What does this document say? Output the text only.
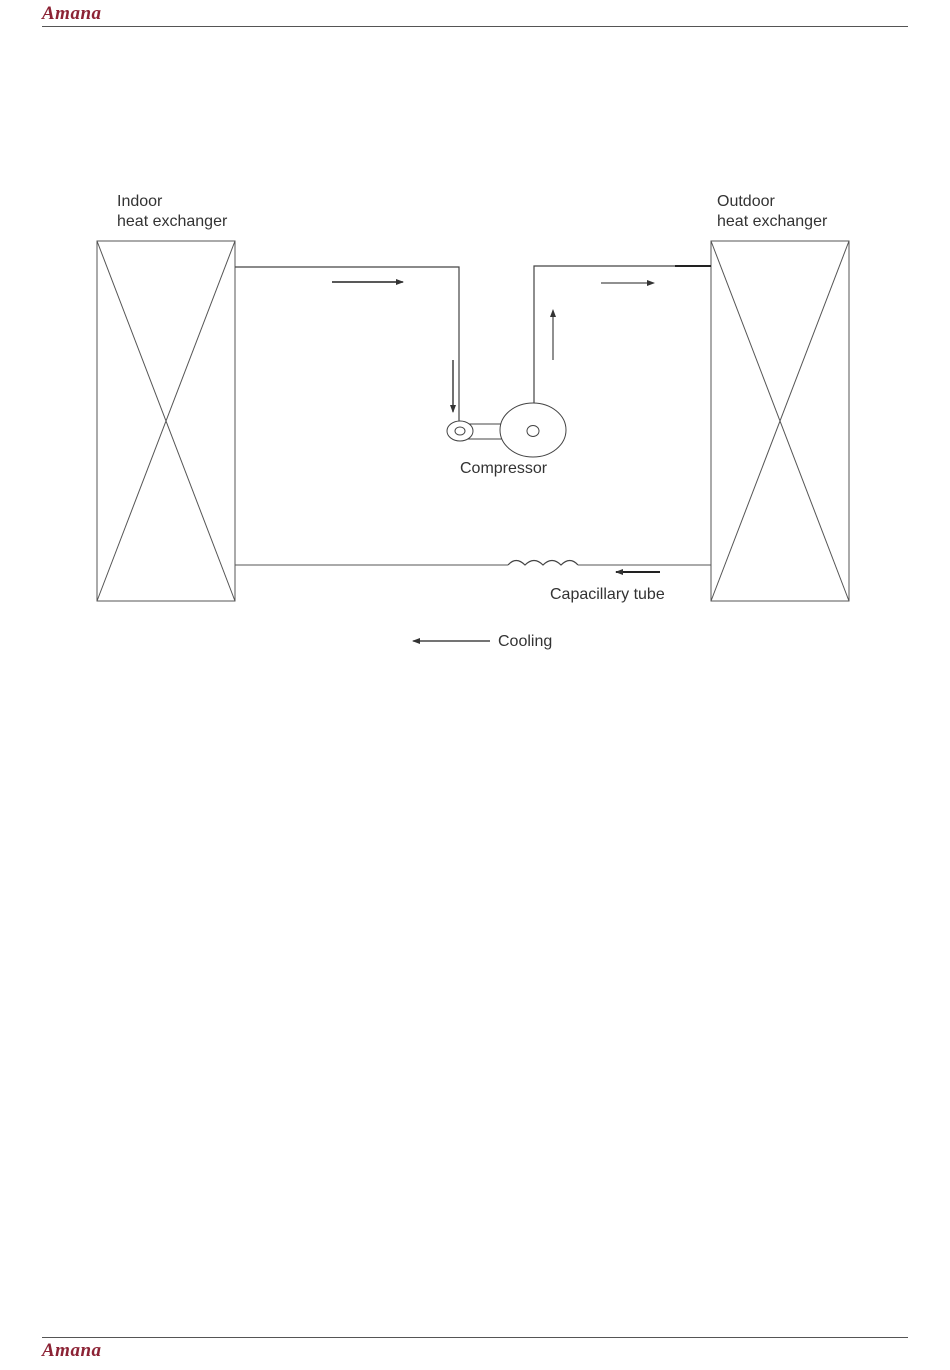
Amana
Indoor
heat exchanger
Outdoor
heat exchanger
Compressor
Capacillary tube
Cooling
Amana
